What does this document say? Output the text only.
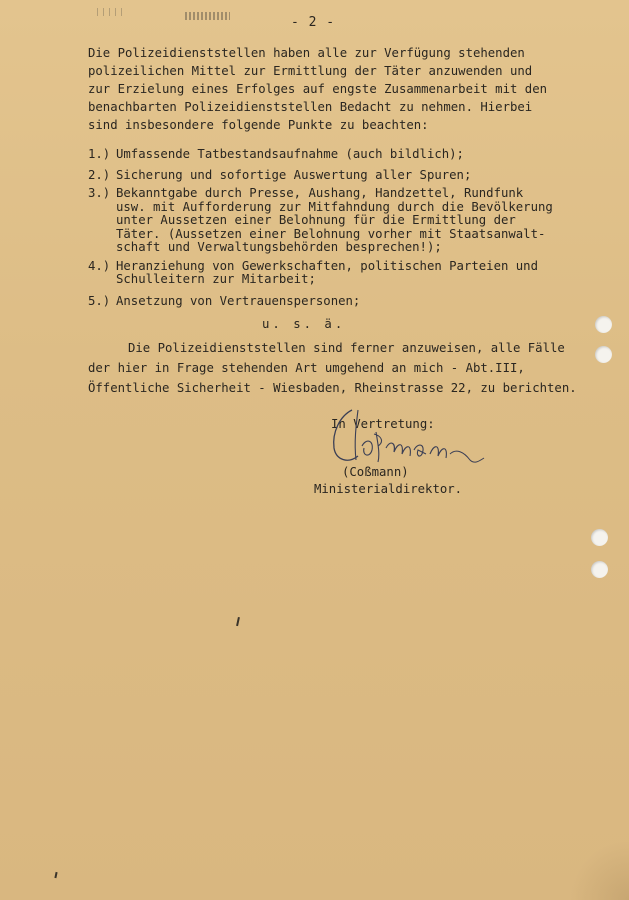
- 2 -
Die Polizeidienststellen haben alle zur Verfügung stehenden
polizeilichen Mittel zur Ermittlung der Täter anzuwenden und
zur Erzielung eines Erfolges auf engste Zusammenarbeit mit den
benachbarten Polizeidienststellen Bedacht zu nehmen. Hierbei
sind insbesondere folgende Punkte zu beachten:
1.) Umfassende Tatbestandsaufnahme (auch bildlich);
2.) Sicherung und sofortige Auswertung aller Spuren;
3.) Bekanntgabe durch Presse, Aushang, Handzettel, Rundfunk
usw. mit Aufforderung zur Mitfahndung durch die Bevölkerung
unter Aussetzen einer Belohnung für die Ermittlung der
Täter. (Aussetzen einer Belohnung vorher mit Staatsanwalt-
schaft und Verwaltungsbehörden besprechen!);
4.) Heranziehung von Gewerkschaften, politischen Parteien und
Schulleitern zur Mitarbeit;
5.) Ansetzung von Vertrauenspersonen;
u. s. ä.
Die Polizeidienststellen sind ferner anzuweisen, alle Fälle
der hier in Frage stehenden Art umgehend an mich - Abt.III,
Öffentliche Sicherheit - Wiesbaden, Rheinstrasse 22, zu berichten.
In Vertretung:
(Coßmann)
Ministerialdirektor.
